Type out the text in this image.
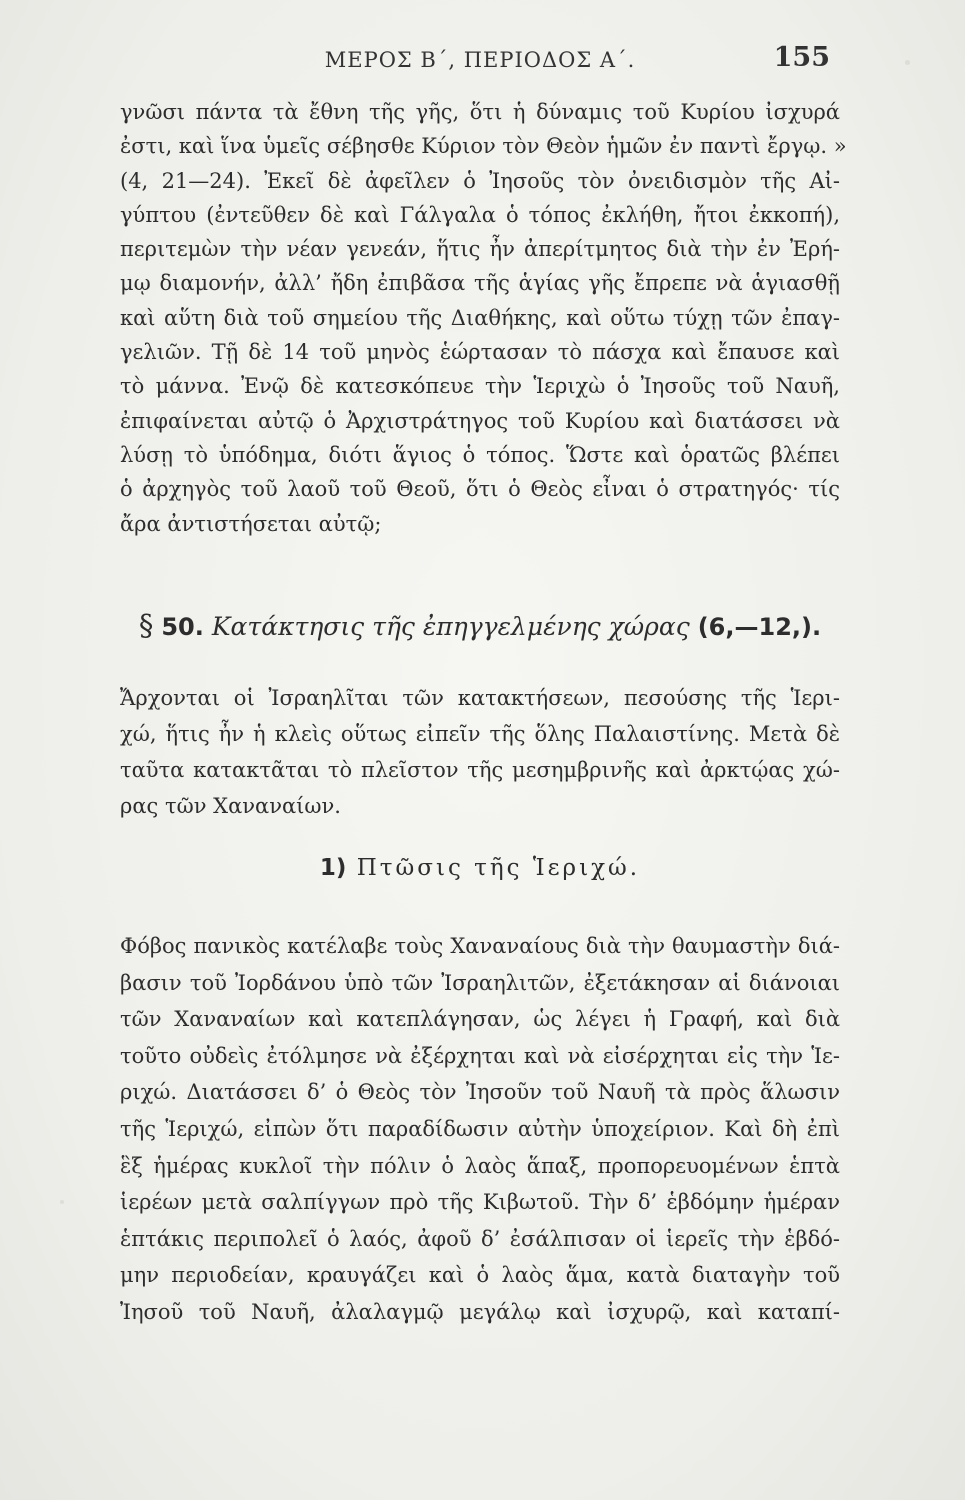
ΜΕΡΟΣ Β΄, ΠΕΡΙΟΔΟΣ Α΄.	155
γνῶσι πάντα τὰ ἔθνη τῆς γῆς, ὅτι ἡ δύναμις τοῦ Κυρίου ἰσχυρά
ἐστι, καὶ ἵνα ὑμεῖς σέβησθε Κύριον τὸν Θεὸν ἡμῶν ἐν παντὶ ἔργῳ. »
(4, 21—24). Ἐκεῖ δὲ ἀφεῖλεν ὁ Ἰησοῦς τὸν ὀνειδισμὸν τῆς Αἰ-
γύπτου (ἐντεῦθεν δὲ καὶ Γάλγαλα ὁ τόπος ἐκλήθη, ἤτοι ἐκκοπή),
περιτεμὼν τὴν νέαν γενεάν, ἥτις ἦν ἀπερίτμητος διὰ τὴν ἐν Ἐρή-
μῳ διαμονήν, ἀλλ’ ἤδη ἐπιβᾶσα τῆς ἁγίας γῆς ἔπρεπε νὰ ἁγιασθῇ
καὶ αὕτη διὰ τοῦ σημείου τῆς Διαθήκης, καὶ οὕτω τύχῃ τῶν ἐπαγ-
γελιῶν. Τῇ δὲ 14 τοῦ μηνὸς ἑώρτασαν τὸ πάσχα καὶ ἔπαυσε καὶ
τὸ μάννα. Ἐνῷ δὲ κατεσκόπευε τὴν Ἱεριχὼ ὁ Ἰησοῦς τοῦ Ναυῆ,
ἐπιφαίνεται αὐτῷ ὁ Ἀρχιστράτηγος τοῦ Κυρίου καὶ διατάσσει νὰ
λύσῃ τὸ ὑπόδημα, διότι ἅγιος ὁ τόπος. Ὥστε καὶ ὁρατῶς βλέπει
ὁ ἀρχηγὸς τοῦ λαοῦ τοῦ Θεοῦ, ὅτι ὁ Θεὸς εἶναι ὁ στρατηγός· τίς
ἄρα ἀντιστήσεται αὐτῷ;
§ 50. Κατάκτησις τῆς ἐπηγγελμένης χώρας (6,—12,).
Ἄρχονται οἱ Ἰσραηλῖται τῶν κατακτήσεων, πεσούσης τῆς Ἱερι-
χώ, ἥτις ἦν ἡ κλεὶς οὕτως εἰπεῖν τῆς ὅλης Παλαιστίνης. Μετὰ δὲ
ταῦτα κατακτᾶται τὸ πλεῖστον τῆς μεσημβρινῆς καὶ ἀρκτῴας χώ-
ρας τῶν Χαναναίων.
1) Πτῶσις τῆς Ἱεριχώ.
Φόβος πανικὸς κατέλαβε τοὺς Χαναναίους διὰ τὴν θαυμαστὴν διά-
βασιν τοῦ Ἰορδάνου ὑπὸ τῶν Ἰσραηλιτῶν, ἐξετάκησαν αἱ διάνοιαι
τῶν Χαναναίων καὶ κατεπλάγησαν, ὡς λέγει ἡ Γραφή, καὶ διὰ
τοῦτο οὐδεὶς ἐτόλμησε νὰ ἐξέρχηται καὶ νὰ εἰσέρχηται εἰς τὴν Ἱε-
ριχώ. Διατάσσει δ’ ὁ Θεὸς τὸν Ἰησοῦν τοῦ Ναυῆ τὰ πρὸς ἅλωσιν
τῆς Ἱεριχώ, εἰπὼν ὅτι παραδίδωσιν αὐτὴν ὑποχείριον. Καὶ δὴ ἐπὶ
ἓξ ἡμέρας κυκλοῖ τὴν πόλιν ὁ λαὸς ἅπαξ, προπορευομένων ἑπτὰ
ἱερέων μετὰ σαλπίγγων πρὸ τῆς Κιβωτοῦ. Τὴν δ’ ἑβδόμην ἡμέραν
ἑπτάκις περιπολεῖ ὁ λαός, ἀφοῦ δ’ ἐσάλπισαν οἱ ἱερεῖς τὴν ἑβδό-
μην περιοδείαν, κραυγάζει καὶ ὁ λαὸς ἅμα, κατὰ διαταγὴν τοῦ
Ἰησοῦ τοῦ Ναυῆ, ἀλαλαγμῷ μεγάλῳ καὶ ἰσχυρῷ, καὶ καταπί-
